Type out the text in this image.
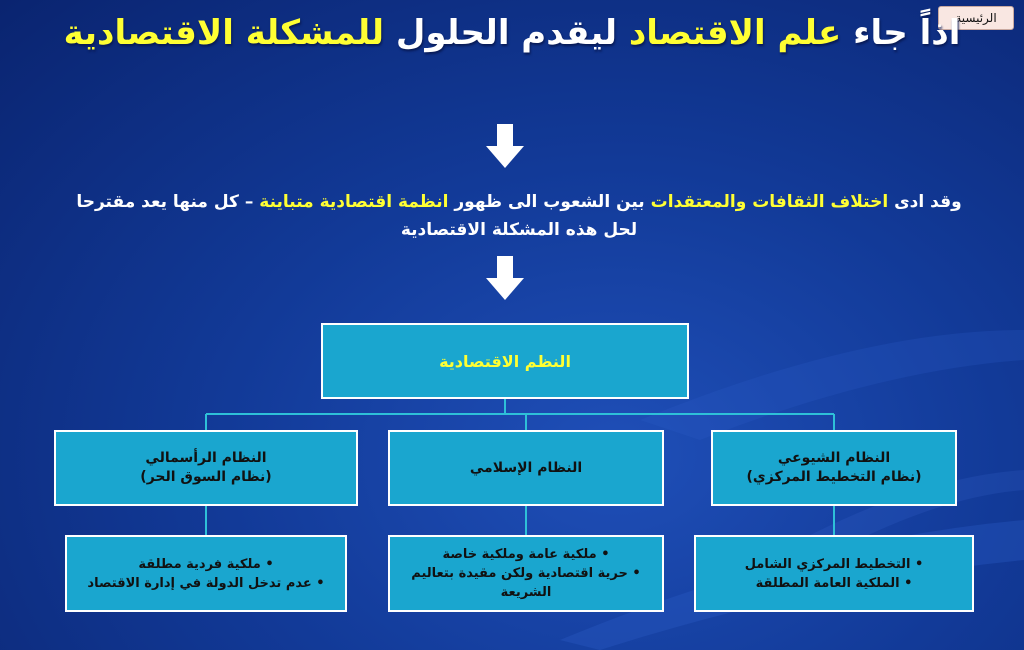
الرئيسية
اذاً جاء علم الاقتصاد ليقدم الحلول للمشكلة الاقتصادية
وقد ادى اختلاف الثقافات والمعتقدات بين الشعوب الى ظهور انظمة اقتصادية متباينة – كل منها يعد مقترحا لحل هذه المشكلة الاقتصادية
النظم الاقتصادية
النظام الشيوعي
(نظام التخطيط المركزي)
النظام الإسلامي
النظام الرأسمالي
(نظام السوق الحر)
• التخطيط المركزي الشامل
• الملكية العامة المطلقة
• ملكية عامة وملكية خاصة
• حرية اقتصادية ولكن مقيدة بتعاليم الشريعة
• ملكية فردية مطلقة
• عدم تدخل الدولة في إدارة الاقتصاد
